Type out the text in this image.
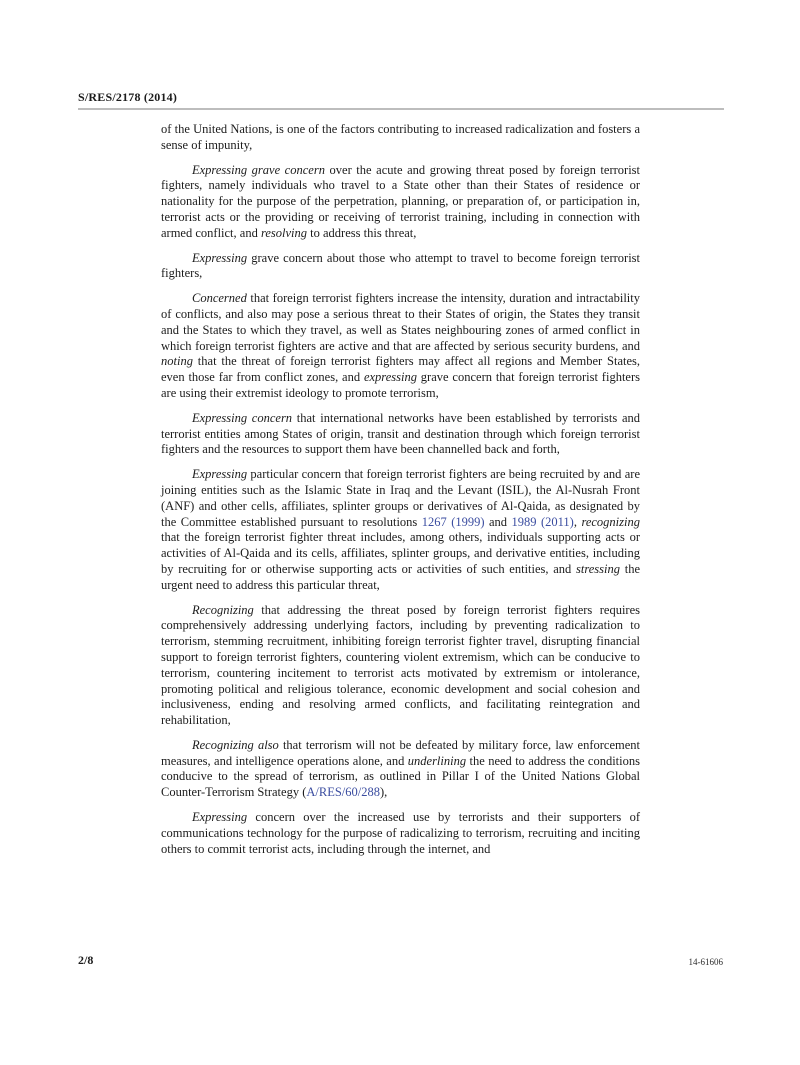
S/RES/2178 (2014)

of the United Nations, is one of the factors contributing to increased radicalization and fosters a sense of impunity,

Expressing grave concern over the acute and growing threat posed by foreign terrorist fighters, namely individuals who travel to a State other than their States of residence or nationality for the purpose of the perpetration, planning, or preparation of, or participation in, terrorist acts or the providing or receiving of terrorist training, including in connection with armed conflict, and resolving to address this threat,

Expressing grave concern about those who attempt to travel to become foreign terrorist fighters,

Concerned that foreign terrorist fighters increase the intensity, duration and intractability of conflicts, and also may pose a serious threat to their States of origin, the States they transit and the States to which they travel, as well as States neighbouring zones of armed conflict in which foreign terrorist fighters are active and that are affected by serious security burdens, and noting that the threat of foreign terrorist fighters may affect all regions and Member States, even those far from conflict zones, and expressing grave concern that foreign terrorist fighters are using their extremist ideology to promote terrorism,

Expressing concern that international networks have been established by terrorists and terrorist entities among States of origin, transit and destination through which foreign terrorist fighters and the resources to support them have been channelled back and forth,

Expressing particular concern that foreign terrorist fighters are being recruited by and are joining entities such as the Islamic State in Iraq and the Levant (ISIL), the Al-Nusrah Front (ANF) and other cells, affiliates, splinter groups or derivatives of Al-Qaida, as designated by the Committee established pursuant to resolutions 1267 (1999) and 1989 (2011), recognizing that the foreign terrorist fighter threat includes, among others, individuals supporting acts or activities of Al-Qaida and its cells, affiliates, splinter groups, and derivative entities, including by recruiting for or otherwise supporting acts or activities of such entities, and stressing the urgent need to address this particular threat,

Recognizing that addressing the threat posed by foreign terrorist fighters requires comprehensively addressing underlying factors, including by preventing radicalization to terrorism, stemming recruitment, inhibiting foreign terrorist fighter travel, disrupting financial support to foreign terrorist fighters, countering violent extremism, which can be conducive to terrorism, countering incitement to terrorist acts motivated by extremism or intolerance, promoting political and religious tolerance, economic development and social cohesion and inclusiveness, ending and resolving armed conflicts, and facilitating reintegration and rehabilitation,

Recognizing also that terrorism will not be defeated by military force, law enforcement measures, and intelligence operations alone, and underlining the need to address the conditions conducive to the spread of terrorism, as outlined in Pillar I of the United Nations Global Counter-Terrorism Strategy (A/RES/60/288),

Expressing concern over the increased use by terrorists and their supporters of communications technology for the purpose of radicalizing to terrorism, recruiting and inciting others to commit terrorist acts, including through the internet, and

2/8	14-61606
